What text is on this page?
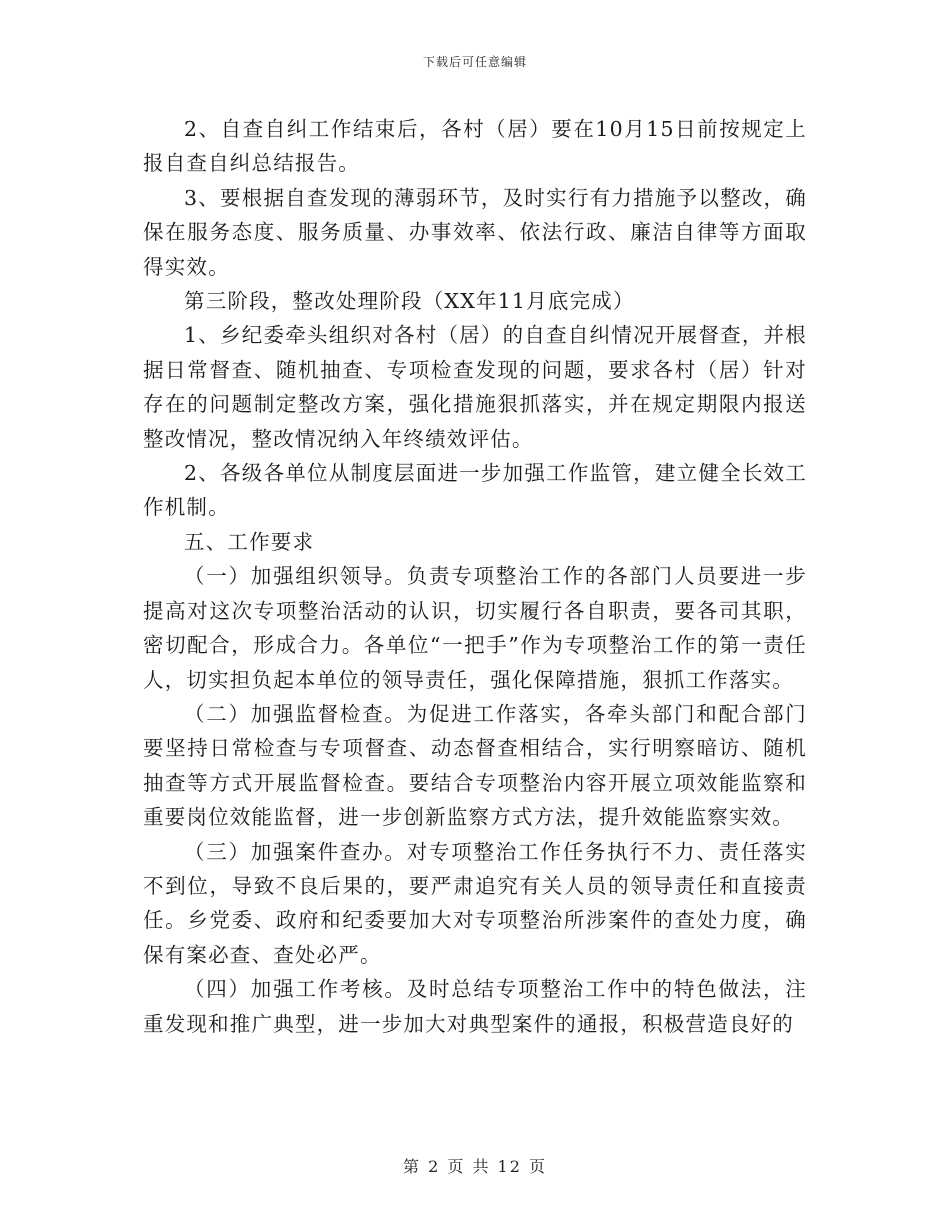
下载后可任意编辑

2、自查自纠工作结束后，各村（居）要在10月15日前按规定上报自查自纠总结报告。

3、要根据自查发现的薄弱环节，及时实行有力措施予以整改，确保在服务态度、服务质量、办事效率、依法行政、廉洁自律等方面取得实效。

第三阶段，整改处理阶段（XX年11月底完成）

1、乡纪委牵头组织对各村（居）的自查自纠情况开展督查，并根据日常督查、随机抽查、专项检查发现的问题，要求各村（居）针对存在的问题制定整改方案，强化措施狠抓落实，并在规定期限内报送整改情况，整改情况纳入年终绩效评估。

2、各级各单位从制度层面进一步加强工作监管，建立健全长效工作机制。

五、工作要求

（一）加强组织领导。负责专项整治工作的各部门人员要进一步提高对这次专项整治活动的认识，切实履行各自职责，要各司其职，密切配合，形成合力。各单位“一把手”作为专项整治工作的第一责任人，切实担负起本单位的领导责任，强化保障措施，狠抓工作落实。

（二）加强监督检查。为促进工作落实，各牵头部门和配合部门要坚持日常检查与专项督查、动态督查相结合，实行明察暗访、随机抽查等方式开展监督检查。要结合专项整治内容开展立项效能监察和重要岗位效能监督，进一步创新监察方式方法，提升效能监察实效。

（三）加强案件查办。对专项整治工作任务执行不力、责任落实不到位，导致不良后果的，要严肃追究有关人员的领导责任和直接责任。乡党委、政府和纪委要加大对专项整治所涉案件的查处力度，确保有案必查、查处必严。

（四）加强工作考核。及时总结专项整治工作中的特色做法，注重发现和推广典型，进一步加大对典型案件的通报，积极营造良好的

第 2 页 共 12 页
